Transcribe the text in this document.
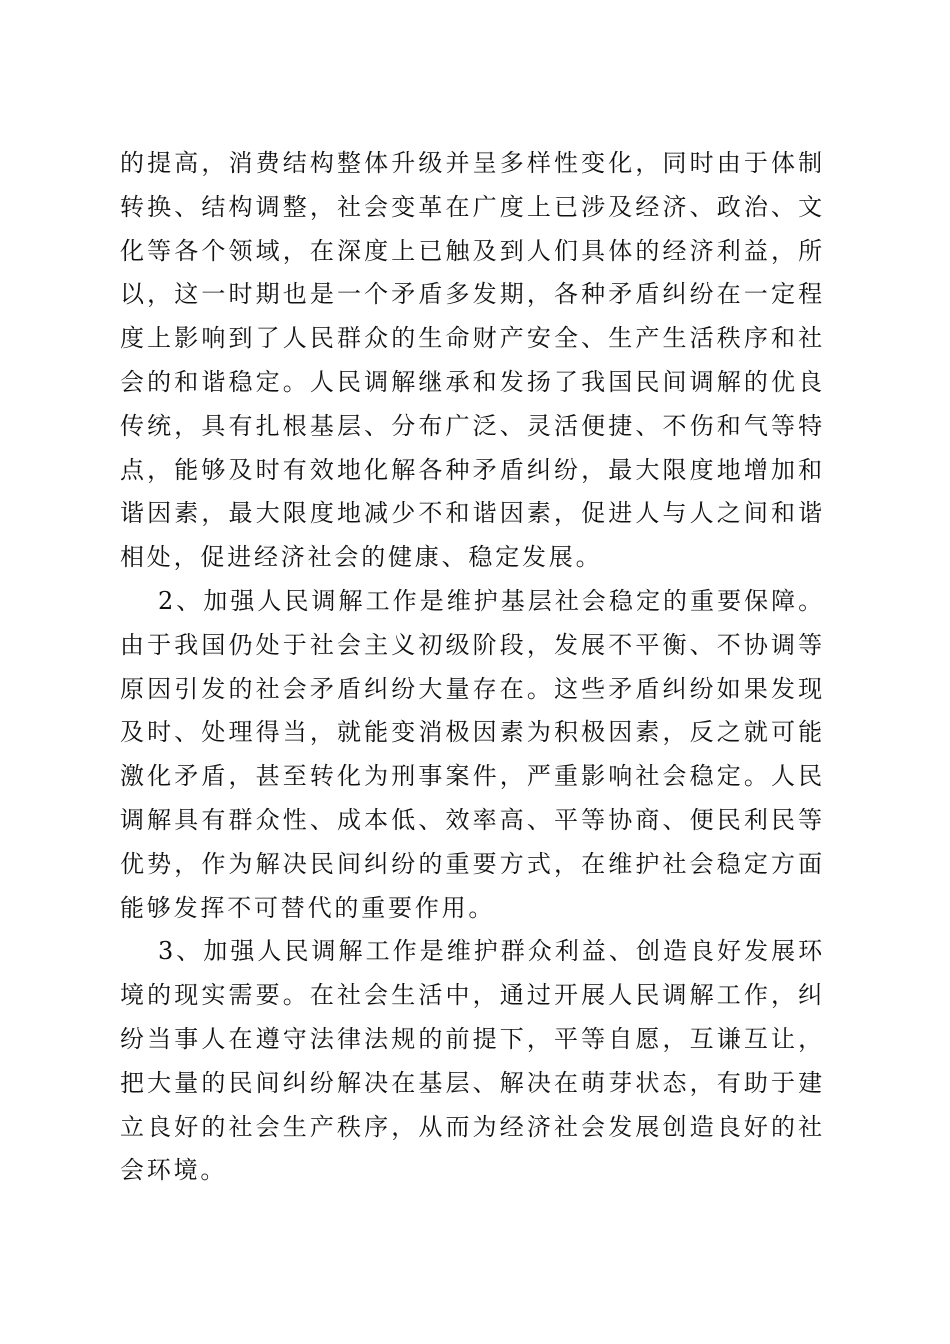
的提高，消费结构整体升级并呈多样性变化，同时由于体制转换、结构调整，社会变革在广度上已涉及经济、政治、文化等各个领域，在深度上已触及到人们具体的经济利益，所以，这一时期也是一个矛盾多发期，各种矛盾纠纷在一定程度上影响到了人民群众的生命财产安全、生产生活秩序和社会的和谐稳定。人民调解继承和发扬了我国民间调解的优良传统，具有扎根基层、分布广泛、灵活便捷、不伤和气等特点，能够及时有效地化解各种矛盾纠纷，最大限度地增加和谐因素，最大限度地减少不和谐因素，促进人与人之间和谐相处，促进经济社会的健康、稳定发展。

2、加强人民调解工作是维护基层社会稳定的重要保障。由于我国仍处于社会主义初级阶段，发展不平衡、不协调等原因引发的社会矛盾纠纷大量存在。这些矛盾纠纷如果发现及时、处理得当，就能变消极因素为积极因素，反之就可能激化矛盾，甚至转化为刑事案件，严重影响社会稳定。人民调解具有群众性、成本低、效率高、平等协商、便民利民等优势，作为解决民间纠纷的重要方式，在维护社会稳定方面能够发挥不可替代的重要作用。

3、加强人民调解工作是维护群众利益、创造良好发展环境的现实需要。在社会生活中，通过开展人民调解工作，纠纷当事人在遵守法律法规的前提下，平等自愿，互谦互让，把大量的民间纠纷解决在基层、解决在萌芽状态，有助于建立良好的社会生产秩序，从而为经济社会发展创造良好的社会环境。
